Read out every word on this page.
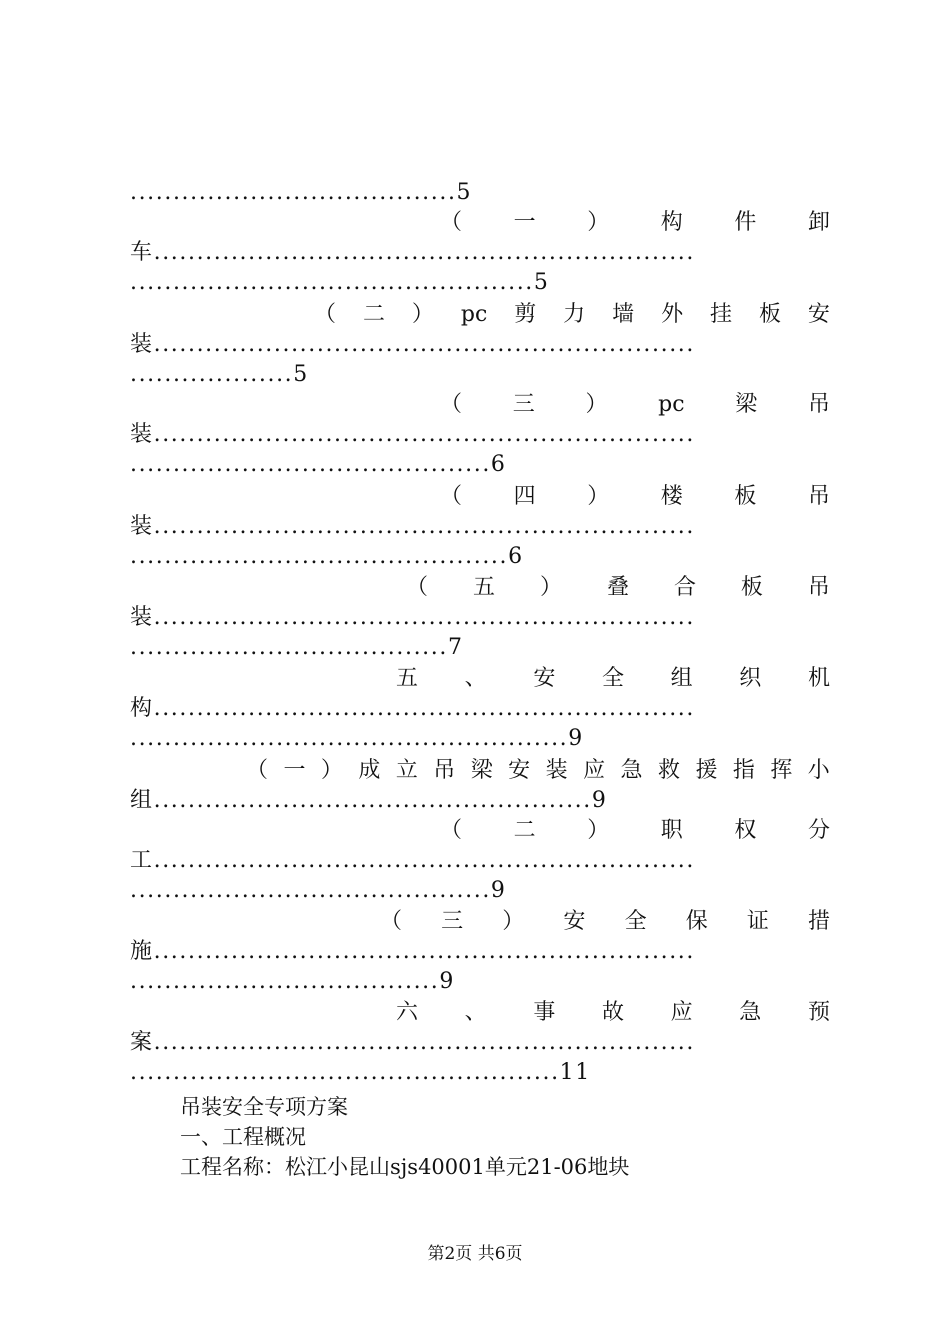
......................................5
（ 一 ） 构 件 卸
车...............................................................
...............................................5
（ 二 ） pc 剪 力 墙 外 挂 板 安
装...............................................................
...................5
（ 三 ） pc 梁 吊
装...............................................................
..........................................6
（ 四 ） 楼 板 吊
装...............................................................
............................................6
（ 五 ） 叠 合 板 吊
装...............................................................
.....................................7
五 、 安 全 组 织 机
构...............................................................
...................................................9
（ 一 ） 成 立 吊 梁 安 装 应 急 救 援 指 挥 小
组...................................................9
（ 二 ） 职 权 分
工...............................................................
..........................................9
（ 三 ） 安 全 保 证 措
施...............................................................
....................................9
六 、 事 故 应 急 预
案...............................................................
..................................................11
吊装安全专项方案
一、工程概况
工程名称：松江小昆山sjs40001单元21-06地块
第2页 共6页
